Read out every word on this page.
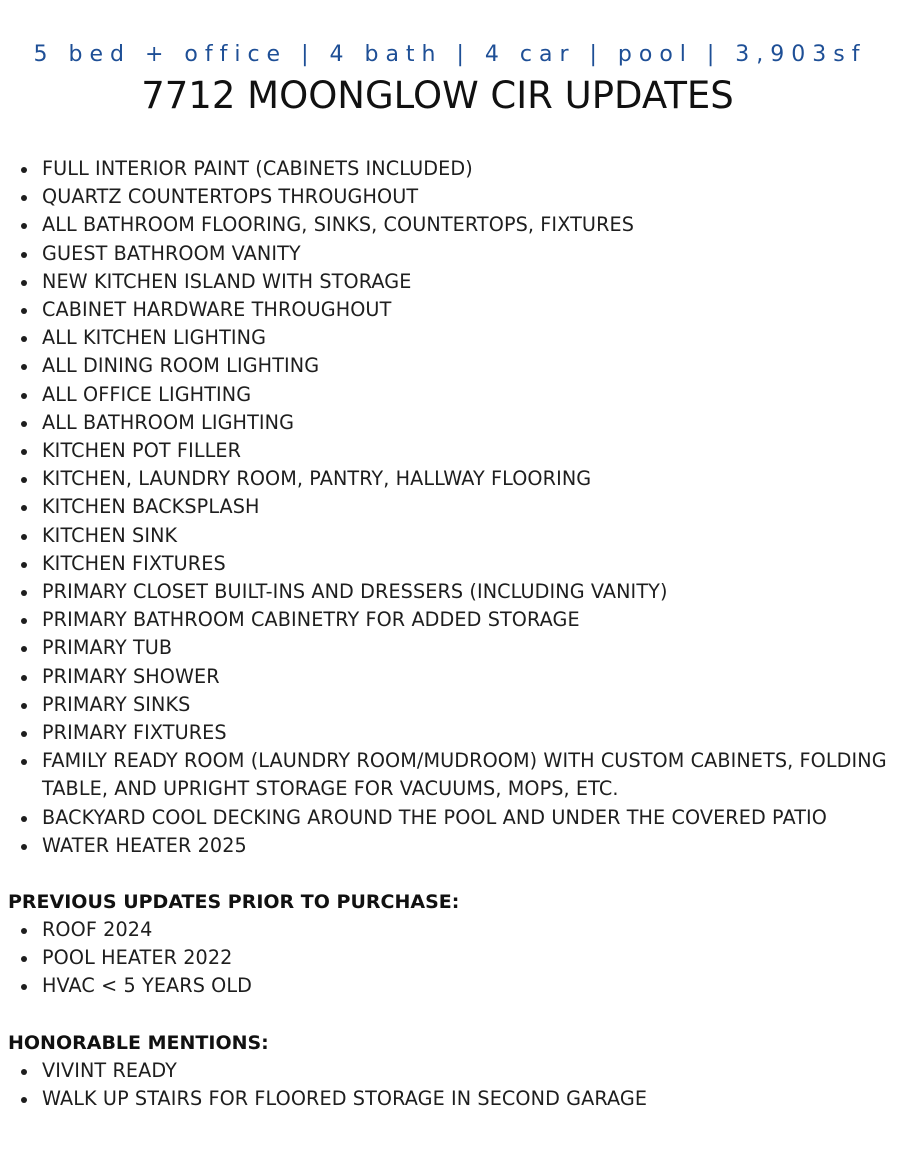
5 bed + office | 4 bath | 4 car | pool | 3,903sf
7712 MOONGLOW CIR UPDATES
FULL INTERIOR PAINT (CABINETS INCLUDED)
QUARTZ COUNTERTOPS THROUGHOUT
ALL BATHROOM FLOORING, SINKS, COUNTERTOPS, FIXTURES
GUEST BATHROOM VANITY
NEW KITCHEN ISLAND WITH STORAGE
CABINET HARDWARE THROUGHOUT
ALL KITCHEN LIGHTING
ALL DINING ROOM LIGHTING
ALL OFFICE LIGHTING
ALL BATHROOM LIGHTING
KITCHEN POT FILLER
KITCHEN, LAUNDRY ROOM, PANTRY, HALLWAY FLOORING
KITCHEN BACKSPLASH
KITCHEN SINK
KITCHEN FIXTURES
PRIMARY CLOSET BUILT-INS AND DRESSERS (INCLUDING VANITY)
PRIMARY BATHROOM CABINETRY FOR ADDED STORAGE
PRIMARY TUB
PRIMARY SHOWER
PRIMARY SINKS
PRIMARY FIXTURES
FAMILY READY ROOM (LAUNDRY ROOM/MUDROOM) WITH CUSTOM CABINETS, FOLDING TABLE, AND UPRIGHT STORAGE FOR VACUUMS, MOPS, ETC.
BACKYARD COOL DECKING AROUND THE POOL AND UNDER THE COVERED PATIO
WATER HEATER 2025
PREVIOUS UPDATES PRIOR TO PURCHASE:
ROOF 2024
POOL HEATER 2022
HVAC < 5 YEARS OLD
HONORABLE MENTIONS:
VIVINT READY
WALK UP STAIRS FOR FLOORED STORAGE IN SECOND GARAGE
